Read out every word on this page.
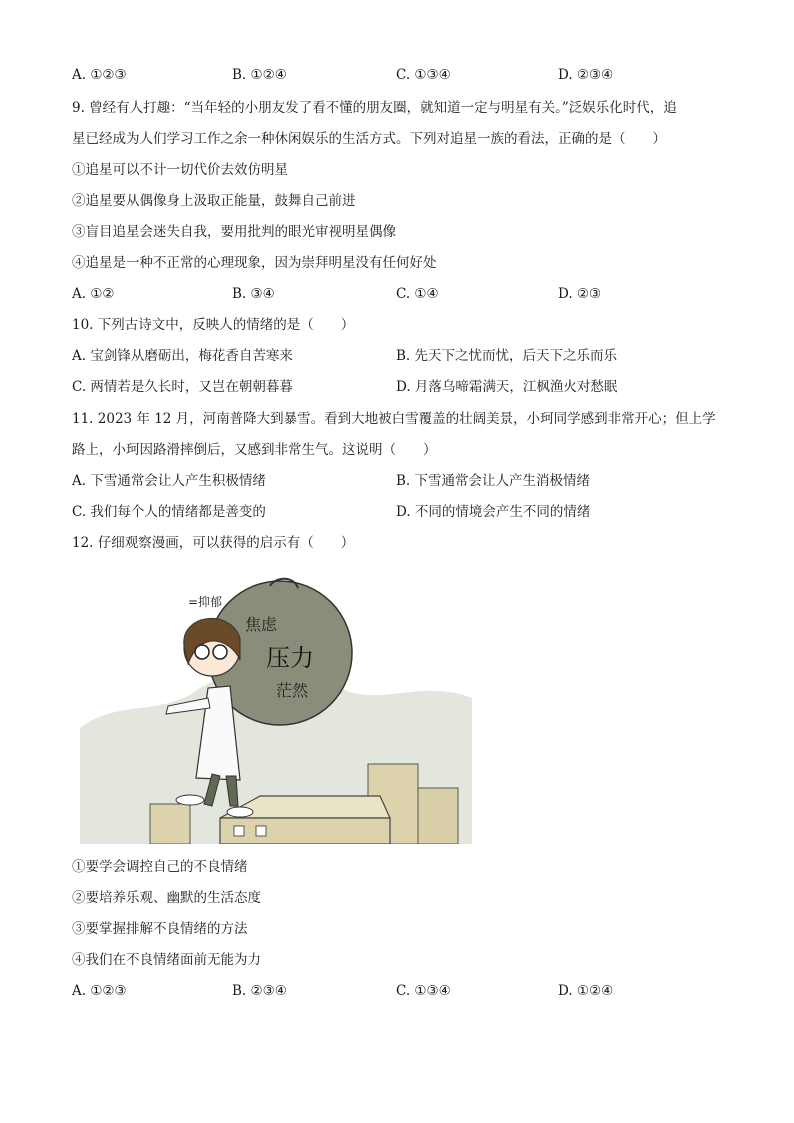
A. ①②③	B. ①②④	C. ①③④	D. ②③④
9. 曾经有人打趣：“当年轻的小朋友发了看不懂的朋友圈，就知道一定与明星有关。”泛娱乐化时代，追
星已经成为人们学习工作之余一种休闲娱乐的生活方式。下列对追星一族的看法，正确的是（　　）
①追星可以不计一切代价去效仿明星
②追星要从偶像身上汲取正能量，鼓舞自己前进
③盲目追星会迷失自我，要用批判的眼光审视明星偶像
④追星是一种不正常的心理现象，因为崇拜明星没有任何好处
A. ①②	B. ③④	C. ①④	D. ②③
10. 下列古诗文中，反映人的情绪的是（　　）
A. 宝剑锋从磨砺出，梅花香自苦寒来	B. 先天下之忧而忧，后天下之乐而乐
C. 两情若是久长时，又岂在朝朝暮暮	D. 月落乌啼霜满天，江枫渔火对愁眠
11. 2023 年 12 月，河南普降大到暴雪。看到大地被白雪覆盖的壮阔美景，小珂同学感到非常开心；但上学
路上，小珂因路滑摔倒后，又感到非常生气。这说明（　　）
A. 下雪通常会让人产生积极情绪	B. 下雪通常会让人产生消极情绪
C. 我们每个人的情绪都是善变的	D. 不同的情境会产生不同的情绪
12. 仔细观察漫画，可以获得的启示有（　　）
焦虑
压力
茫然
=抑郁
①要学会调控自己的不良情绪
②要培养乐观、幽默的生活态度
③要掌握排解不良情绪的方法
④我们在不良情绪面前无能为力
A. ①②③	B. ②③④	C. ①③④	D. ①②④
